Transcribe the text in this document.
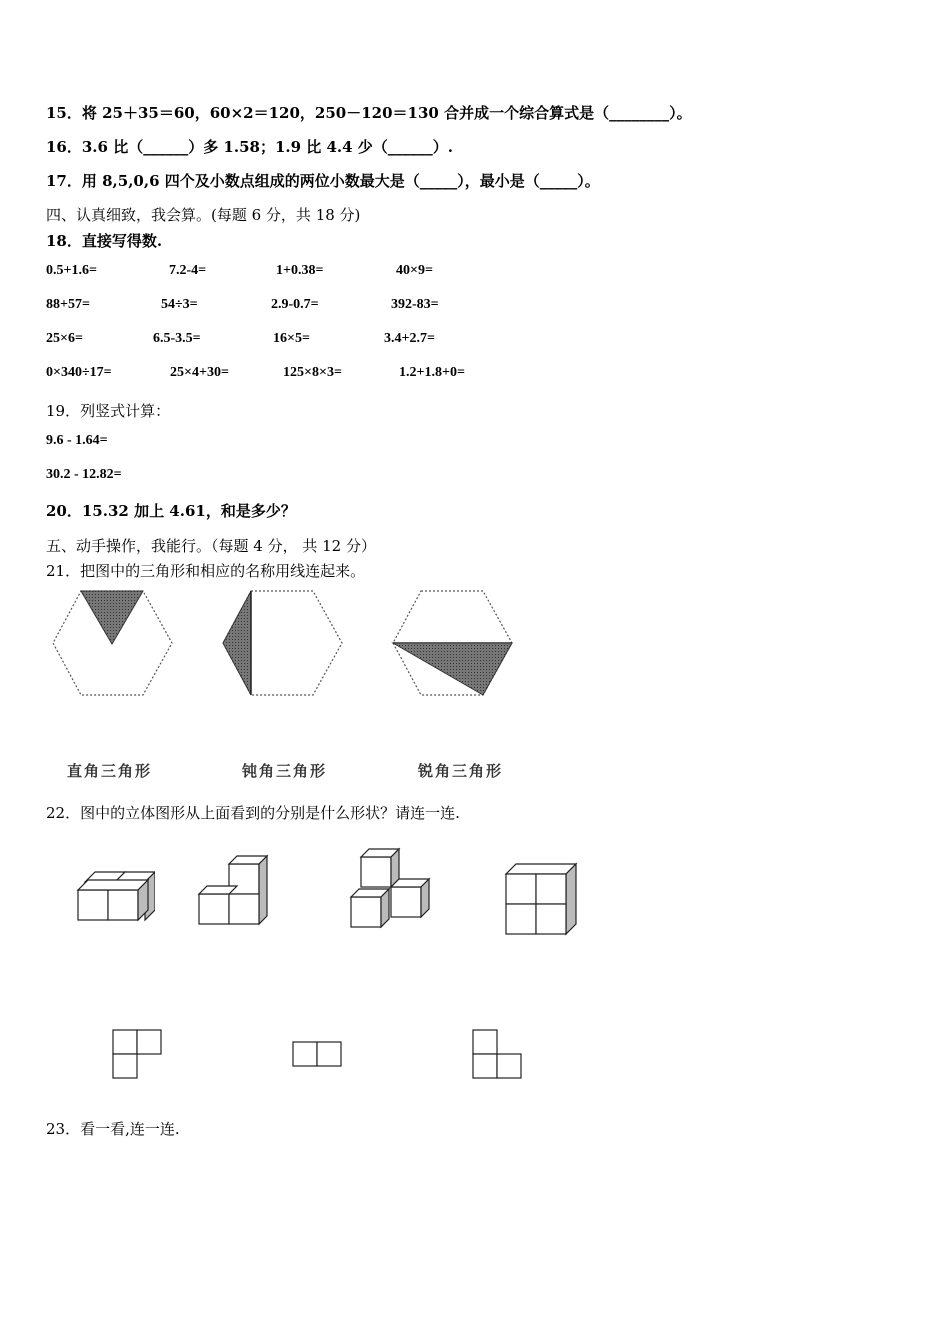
15．将 25＋35＝60，60×2＝120，250－120＝130 合并成一个综合算式是（________）。
16．3.6 比（______）多 1.58；1.9 比 4.4 少（______）.
17．用 8,5,0,6 四个及小数点组成的两位小数最大是（_____），最小是（_____）。
四、认真细致，我会算。(每题 6 分，共 18 分)
18．直接写得数.
0.5+1.6=	7.2-4=	1+0.38=	40×9=
88+57=	54÷3=	2.9-0.7=	392-83=
25×6=	6.5-3.5=	16×5=	3.4+2.7=
0×340÷17=	25×4+30=	125×8×3=	1.2+1.8+0=
19．列竖式计算：
9.6 - 1.64=
30.2 - 12.82=
20．15.32 加上 4.61，和是多少？
五、动手操作，我能行。（每题 4 分， 共 12 分）
21．把图中的三角形和相应的名称用线连起来。
直角三角形	钝角三角形	锐角三角形
22．图中的立体图形从上面看到的分别是什么形状？请连一连.
23．看一看,连一连.
